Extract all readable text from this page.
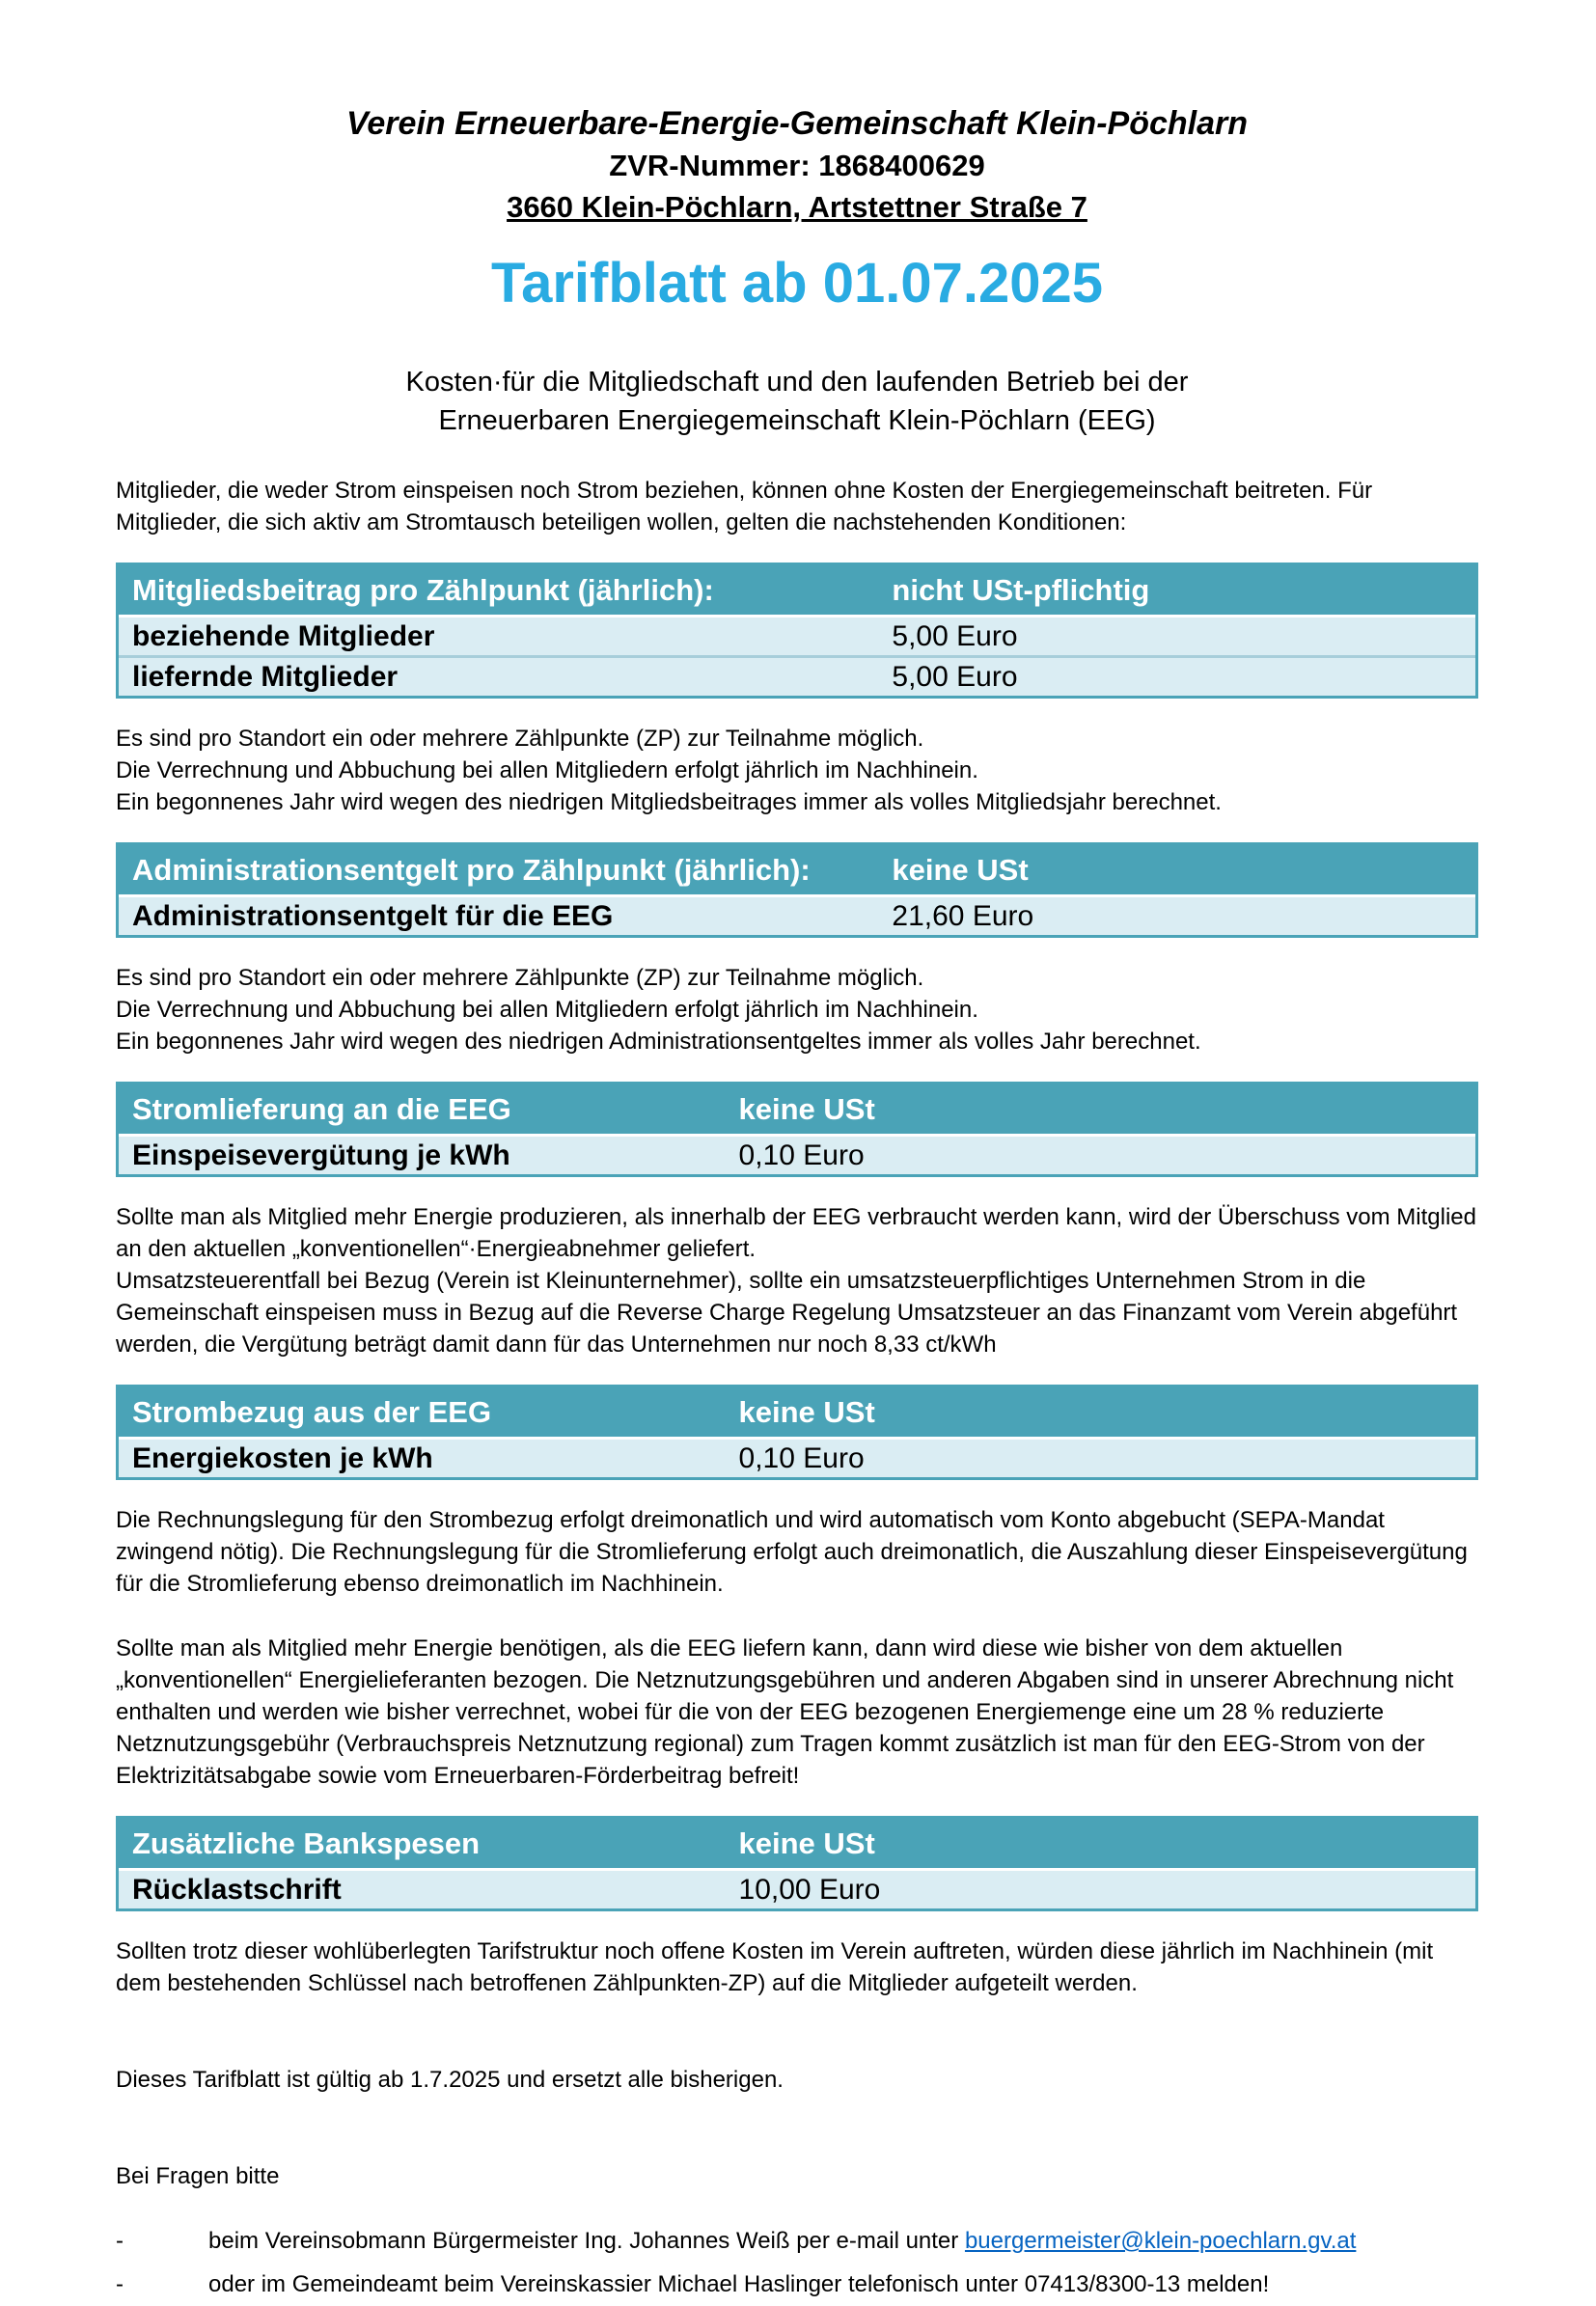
Verein Erneuerbare-Energie-Gemeinschaft Klein-Pöchlarn
ZVR-Nummer: 1868400629
3660 Klein-Pöchlarn, Artstettner Straße 7
Tarifblatt ab 01.07.2025
Kosten·für die Mitgliedschaft und den laufenden Betrieb bei der
Erneuerbaren Energiegemeinschaft Klein-Pöchlarn (EEG)

Mitglieder, die weder Strom einspeisen noch Strom beziehen, können ohne Kosten der Energiegemeinschaft beitreten. Für Mitglieder, die sich aktiv am Stromtausch beteiligen wollen, gelten die nachstehenden Konditionen:

Mitgliedsbeitrag pro Zählpunkt (jährlich):	nicht USt-pflichtig
beziehende Mitglieder	5,00 Euro
liefernde Mitglieder	5,00 Euro
Es sind pro Standort ein oder mehrere Zählpunkte (ZP) zur Teilnahme möglich.
Die Verrechnung und Abbuchung bei allen Mitgliedern erfolgt jährlich im Nachhinein.
Ein begonnenes Jahr wird wegen des niedrigen Mitgliedsbeitrages immer als volles Mitgliedsjahr berechnet.
Administrationsentgelt pro Zählpunkt (jährlich):	keine USt
Administrationsentgelt für die EEG	21,60 Euro
Es sind pro Standort ein oder mehrere Zählpunkte (ZP) zur Teilnahme möglich.
Die Verrechnung und Abbuchung bei allen Mitgliedern erfolgt jährlich im Nachhinein.
Ein begonnenes Jahr wird wegen des niedrigen Administrationsentgeltes immer als volles Jahr berechnet.
Stromlieferung an die EEG	keine USt
Einspeisevergütung je kWh	0,10 Euro
Sollte man als Mitglied mehr Energie produzieren, als innerhalb der EEG verbraucht werden kann, wird der Überschuss vom Mitglied an den aktuellen „konventionellen“·Energieabnehmer geliefert.
Umsatzsteuerentfall bei Bezug (Verein ist Kleinunternehmer), sollte ein umsatzsteuerpflichtiges Unternehmen Strom in die Gemeinschaft einspeisen muss in Bezug auf die Reverse Charge Regelung Umsatzsteuer an das Finanzamt vom Verein abgeführt werden, die Vergütung beträgt damit dann für das Unternehmen nur noch 8,33 ct/kWh
Strombezug aus der EEG	keine USt
Energiekosten je kWh	0,10 Euro

Die Rechnungslegung für den Strombezug erfolgt dreimonatlich und wird automatisch vom Konto abgebucht (SEPA-Mandat zwingend nötig). Die Rechnungslegung für die Stromlieferung erfolgt auch dreimonatlich, die Auszahlung dieser Einspeisevergütung für die Stromlieferung ebenso dreimonatlich im Nachhinein.

Sollte man als Mitglied mehr Energie benötigen, als die EEG liefern kann, dann wird diese wie bisher von dem aktuellen „konventionellen“ Energielieferanten bezogen. Die Netznutzungsgebühren und anderen Abgaben sind in unserer Abrechnung nicht enthalten und werden wie bisher verrechnet, wobei für die von der EEG bezogenen Energiemenge eine um 28 % reduzierte Netznutzungsgebühr (Verbrauchspreis Netznutzung regional) zum Tragen kommt zusätzlich ist man für den EEG-Strom von der Elektrizitätsabgabe sowie vom Erneuerbaren-Förderbeitrag befreit!

Zusätzliche Bankspesen	keine USt
Rücklastschrift	10,00 Euro

Sollten trotz dieser wohlüberlegten Tarifstruktur noch offene Kosten im Verein auftreten, würden diese jährlich im Nachhinein (mit dem bestehenden Schlüssel nach betroffenen Zählpunkten-ZP) auf die Mitglieder aufgeteilt werden.

Dieses Tarifblatt ist gültig ab 1.7.2025 und ersetzt alle bisherigen.

Bei Fragen bitte

-	beim Vereinsobmann Bürgermeister Ing. Johannes Weiß per e-mail unter buergermeister@klein-poechlarn.gv.at
-	oder im Gemeindeamt beim Vereinskassier Michael Haslinger telefonisch unter 07413/8300-13 melden!
